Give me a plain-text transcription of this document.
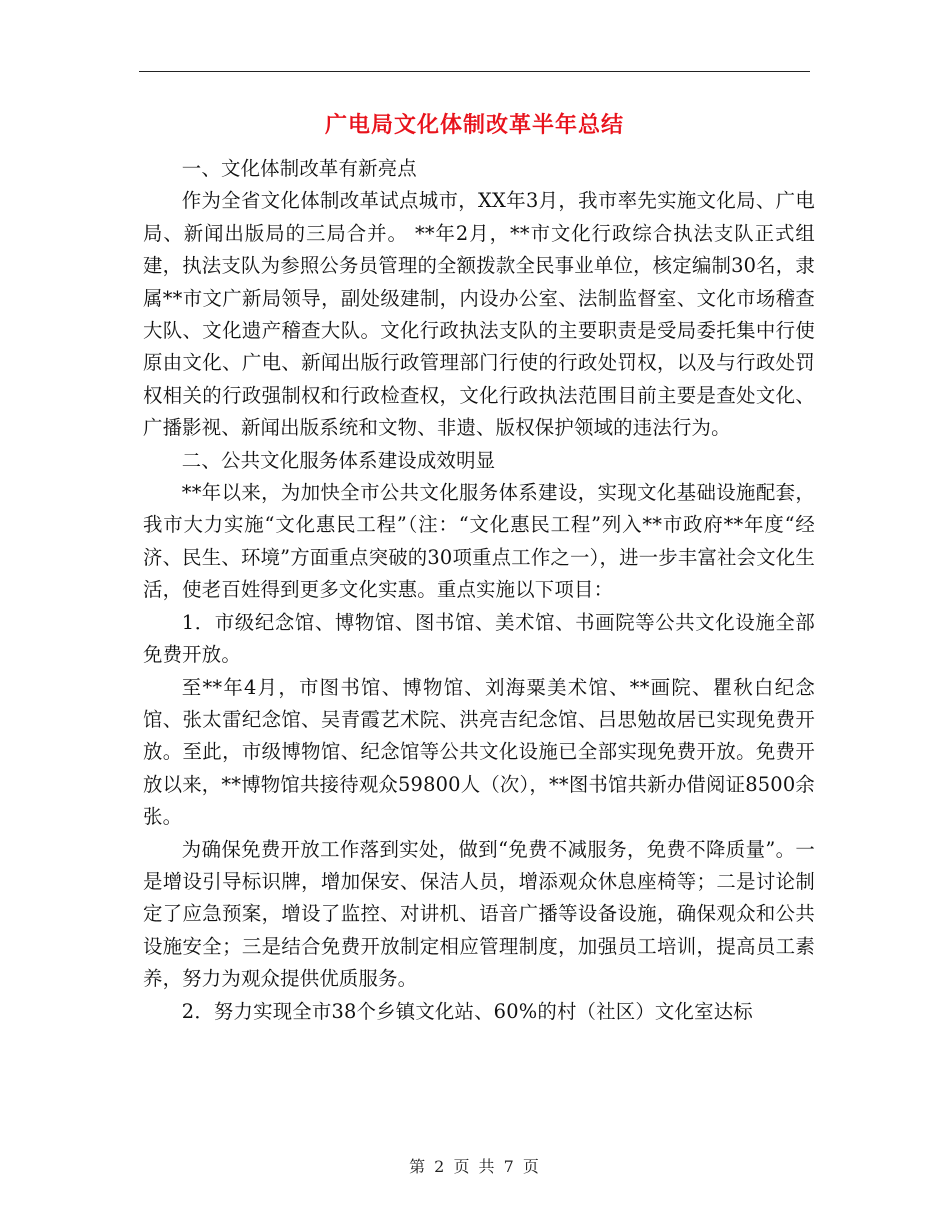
广电局文化体制改革半年总结

一、文化体制改革有新亮点

作为全省文化体制改革试点城市，XX年3月，我市率先实施文化局、广电局、新闻出版局的三局合并。 **年2月，**市文化行政综合执法支队正式组建，执法支队为参照公务员管理的全额拨款全民事业单位，核定编制30名，隶属**市文广新局领导，副处级建制，内设办公室、法制监督室、文化市场稽查大队、文化遗产稽查大队。文化行政执法支队的主要职责是受局委托集中行使原由文化、广电、新闻出版行政管理部门行使的行政处罚权，以及与行政处罚权相关的行政强制权和行政检查权，文化行政执法范围目前主要是查处文化、广播影视、新闻出版系统和文物、非遗、版权保护领域的违法行为。

二、公共文化服务体系建设成效明显

**年以来，为加快全市公共文化服务体系建设，实现文化基础设施配套，我市大力实施“文化惠民工程”（注：“文化惠民工程”列入**市政府**年度“经济、民生、环境”方面重点突破的30项重点工作之一），进一步丰富社会文化生活，使老百姓得到更多文化实惠。重点实施以下项目：

1．市级纪念馆、博物馆、图书馆、美术馆、书画院等公共文化设施全部免费开放。

至**年4月，市图书馆、博物馆、刘海粟美术馆、**画院、瞿秋白纪念馆、张太雷纪念馆、吴青霞艺术院、洪亮吉纪念馆、吕思勉故居已实现免费开放。至此，市级博物馆、纪念馆等公共文化设施已全部实现免费开放。免费开放以来，**博物馆共接待观众59800人（次），**图书馆共新办借阅证8500余张。

为确保免费开放工作落到实处，做到“免费不减服务，免费不降质量”。一是增设引导标识牌，增加保安、保洁人员，增添观众休息座椅等；二是讨论制定了应急预案，增设了监控、对讲机、语音广播等设备设施，确保观众和公共设施安全；三是结合免费开放制定相应管理制度，加强员工培训，提高员工素养，努力为观众提供优质服务。

2．努力实现全市38个乡镇文化站、60%的村（社区）文化室达标

第 2 页 共 7 页
